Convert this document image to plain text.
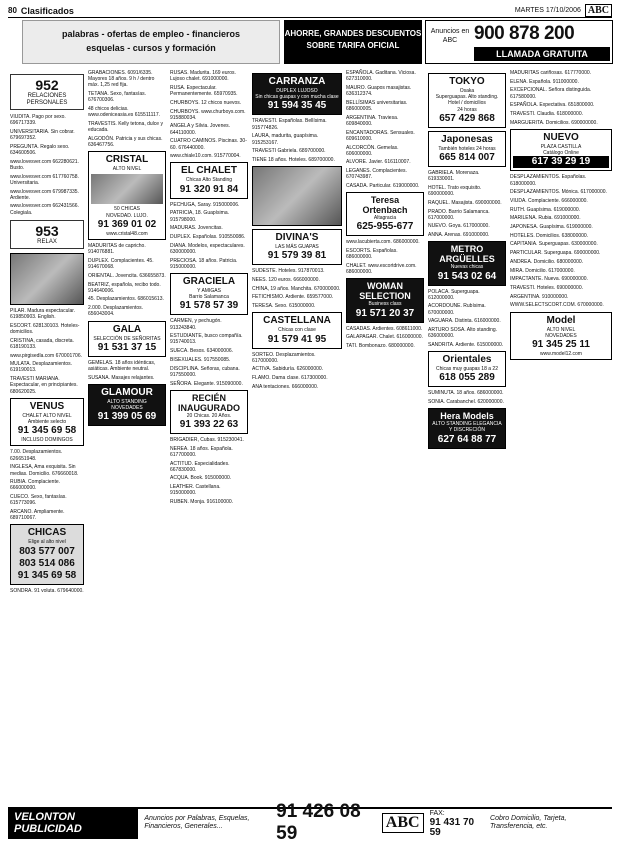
80 Clasificados	MARTES 17/10/2006 ABC
palabras - ofertas de empleo - financieros
esquelas - cursos y formación
AHORRE, GRANDES DESCUENTOS
SOBRE TARIFA OFICIAL
Anuncios en ABC 900 878 200
LLAMADA GRATUITA
952
RELACIONES PERSONALES
VIUDITA. Pago por sexo. 696717339.
UNIVERSITARIA. Sin cobrar. 679697352.
PREGUNTA. Regalo sexo. 634600506.
www.lovesver.com 662280621. Busto.
www.lovesver.com 617760758. Universitaria.
www.lovesver.com 679987335. Ardiente.
www.lovesver.com 662431566. Colegiala.
953
RELAX
PILAR. Madura espectacular. 619850903. English.
ESCORT. 628130103. Hoteles-domicilios.
CRISTINA, casada, discreta. 618190133.
www.pirgisedla.com 670001706.
MULATA. Desplazamientos. 619190013.
TRAVESTI MARIANA. Espectacular, en principiantes. 680620025.
VENUS
CHALET ALTO NIVEL
Ambiente selecto
91 345 69 58
INCLUSO DOMINGOS
7.00. Desplazamientos. 626651948.
INGLESA, Ama exquisita. Sin medias. Domicilio. 676660018.
RUBIA. Complaciente. 666000000.
CUECO. Sexo, fantasías. 615773096.
ARCANO. Ampliamente. 689710067.
CHICAS
Elige al alto nivel
803 577 007
803 514 086
91 345 69 58
SONDRA. 91 voluta. 679640000.
GRABACIONES. 6091/6335. Mayores 18 años. 9 h / dentro máx. 1,25 red fija.
TETANA. Sexo, fantasías. 676700306.
48 chicos delicias. www.odeniceasia.es 615511117.
TRAVESTIS. Kelly tetona, dulce y educada.
ALGODÓN. Patricia y sus chicas. 636467756.
CRISTAL
ALTO NIVEL
50 CHICAS
NOVEDAD. LUJO.
91 369 01 02
www.cristal48.com
MADURITAS de capricho. 914076881.
DUPLEX. Complacientes. 45. 914670068.
ORIENTAL. Jovencita. 636655873.
BEATRIZ, española, recibo todo. 914640006.
45. Desplazamientos. 686015613.
2.000. Desplazamientos. 656043004.
GALA
SELECCIÓN DE SEÑORITAS
91 531 37 15
GEMELAS. 18 años idénticas, asiáticas. Ambiente neutral.
SUSANA. Masajes relajantes.
GLAMOUR
ALTO STANDING
NOVEDADES
91 399 05 69
RUSAS. Madurita. 169 euros. Lujoso chalet. 691000000.
RUSA. Espectacular. Permanentemente. 65970935.
CHURBOYS. 12 chicos nuevos.
CHURBOYS. www.churboys.com. 915880034.
ANGELA y Silvia. Jovenes. 644110000.
CUATRO CAMINOS. Piscinas. 30-60. 676440000.
www.chiale10.com. 915770004.
EL CHALET
Chicas Alto Standing
91 320 91 84
PECHUGA, Saray. 915000006.
PATRICIA, 18. Guapísima. 915798000.
MADURAS. Jovencitas.
DUPLEX. Españolas. 910550086.
DIANA. Modelos, espectaculares. 630000000.
PRECIOSA. 18 años. Patricia. 915000000.
GRACIELA
Y AMIGAS
Barrio Salamanca
91 578 57 39
CARMEN, y pechugón. 913243840.
ESTUDIANTE, busco compañía. 915740013.
SUECA. Besos. 634000006.
BISEXUALES. 917550085.
DISCIPLINA. Señoras, cubana. 917550000.
SEÑORA. Elegante. 915090000.
RECIÉN INAUGURADO
20 Chicas. 20 Años.
91 393 22 63
BRIGADIER, Cubas. 915230041.
NEREA. 18 años. Española. 617700000.
ACTITUD. Especialidades. 667830000.
ACQUA. Book. 915000000.
LEATHER. Castellana. 915000000.
RUBEN. Monja. 916100000.
CARRANZA
DUPLEX LUJOSO
Sin chicas guapas y con mucha clase
91 594 35 45
TRAVESTI. Españolas. Bellísima. 915774826.
LAURA, madurita, guapísima. 915253167.
TRAVESTI Gabriela. 689700000.
TIENE 18 años. Hoteles. 689700000.
DIVINA'S
LAS MÁS GUAPAS
91 579 39 81
SUDESTE. Hoteles. 917870013.
NEES. 120 euros. 666000000.
CHINA, 19 años. Manchita. 670000000.
FETICHISMO. Ardiente. 659577000.
TERESA. Sexo. 615000000.
CASTELLANA
Chicas con clase
91 579 41 95
SORTEO. Desplazamientos. 617000000.
ACTIVA. Sabiduría. 626000000.
FLAMO. Dama clase. 617300000.
ANA tentaciones. 666000000.
ESPAÑOLA. Gaditana. Viciosa. 627310000.
MAURO. Guapos masajistas. 636312374.
BELLÍSIMAS universitarias. 686000005.
ARGENTINA. Traviesa. 609840000.
ENCANTADORAS. Sensuales. 609610000.
ALCORCÓN. Gemelas. 606000000.
ALVORE. Javier. 616110007.
LEGANES. Complacientes. 670743987.
CASADA. Particular. 619000000.
Teresa Ortenbach
Altagracia
625-955-677
www.lacubierta.com. 686000000.
ESCORTS. Españolas. 686000000.
CHALET. www.escortdrive.com. 686000000.
WOMAN SELECTION
Business class
91 571 20 37
CASADAS. Ardientes. 608611000.
GALAPAGAR. Chalet. 616000000.
TATI. Bombonazo. 680000000.
TOKYO
Osaka
Superguapas. Alto standing.
Hotel / domicilios
24 horas
657 429 868
Japonesas
También hoteles 24 horas
665 814 007
GABRIELA. Morenaza. 619330001.
HOTEL. Trato exquisito. 690000000.
RAQUEL. Masajista. 690000000.
PRADO. Barrio Salamanca. 617000000.
NUEVO. Goya. 617000000.
ANNA. Arenas. 691000000.
METRO ARGÜELLES
Nuevas chicas
91 543 02 64
POLACA. Superguapa. 612000000.
ACORDOUNE. Rubísima. 670000000.
VAGUARA. Distinta. 616000000.
ARTURO SOSA. Alto standing. 636000000.
SANDRITA. Ardiente. 615000000.
Orientales
Chicas muy guapas 18 a 22
618 055 289
SUMINUTA. 18 años. 686000000.
SONIA. Carabanchel. 620000000.
Hera Models
ALTO STANDING ELEGANCIA Y DISCRECIÓN
627 64 88 77
MADURITAS cariñosas. 617770000.
ELENA. Española. 911000000.
EXCEPCIONAL. Señora distinguida. 617580000.
ESPAÑOLA. Expectativa. 651800000.
TRAVESTI. Claudia. 618000000.
MARGUERITA. Domicilios. 690000000.
NUEVO
PLAZA CASTILLA
Catálogo Online
617 39 29 19
DESPLAZAMIENTOS. Españolas. 618000000.
DESPLAZAMIENTOS. Mónica. 617000000.
VIUDA. Complaciente. 666000000.
RUTH. Guapísima. 619000000.
MARILENA. Rubia. 691000000.
JAPONESA. Guapísima. 619000000.
HOTELES. Domicilios. 638000000.
CAPITANIA. Superguapas. 630000000.
PARTICULAR. Superguapa. 690000000.
ANDREA. Domicilio. 680000000.
MIRA. Domicilio. 617000000.
IMPACTANTE. Nueva. 690000000.
TRAVESTI. Hoteles. 690000000.
ARGENTINA. 910000000.
WWW.SELECTSCORT.COM. 670000000.
Model
ALTO NIVEL
NOVEDADES
91 345 25 11
www.model12.com
VELONTON PUBLICIDAD
Anuncios por Palabras, Esquelas, Financieros, Generales...
91 426 08 59
ABC
FAX:
91 431 70 59
Cobro Domicilio, Tarjeta, Transferencia, etc.
